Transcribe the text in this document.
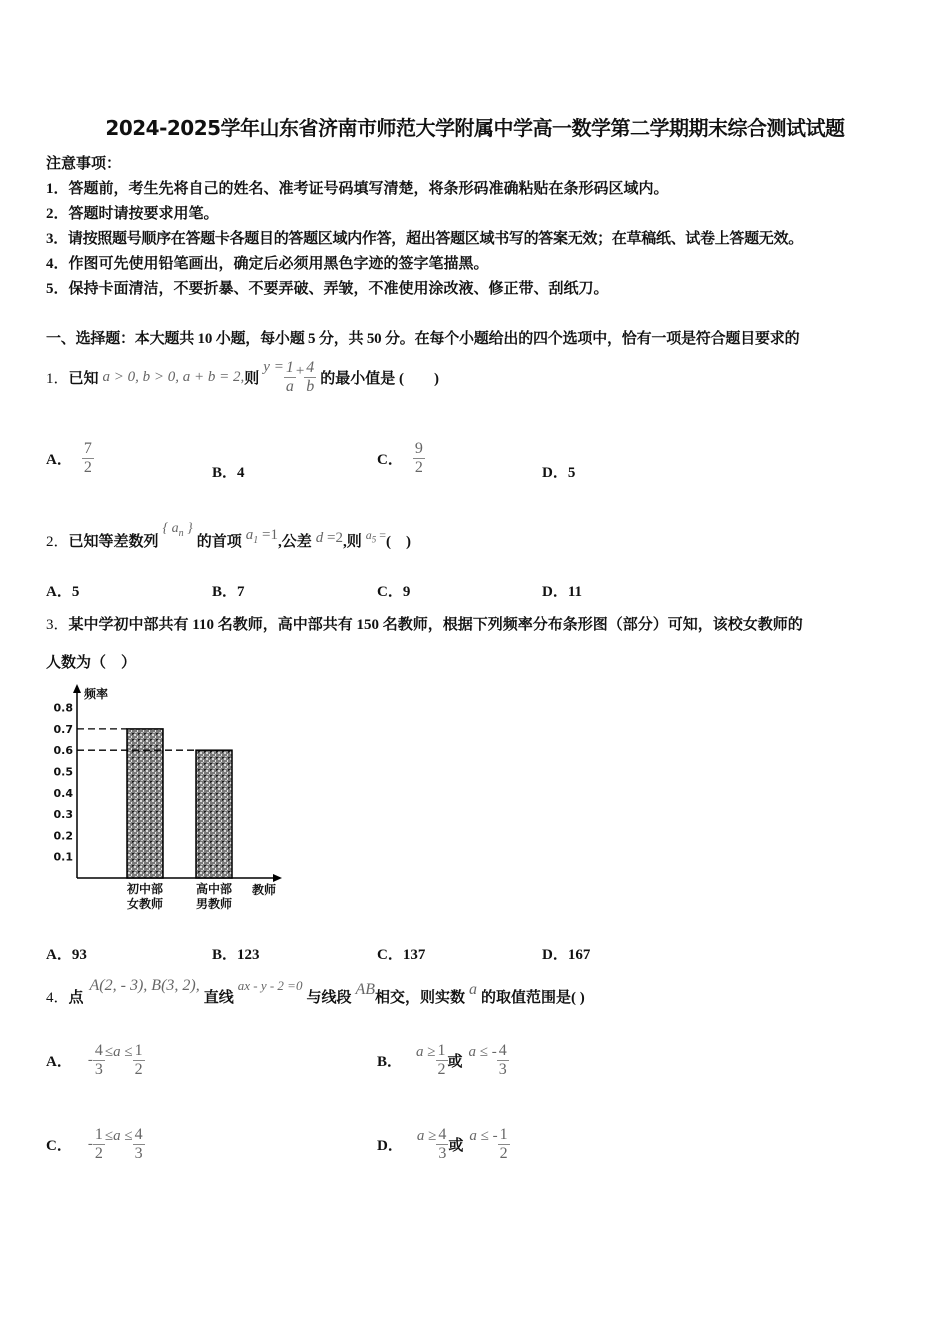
2024-2025学年山东省济南市师范大学附属中学高一数学第二学期期末综合测试试题
注意事项：
1．答题前，考生先将自己的姓名、准考证号码填写清楚，将条形码准确粘贴在条形码区域内。
2．答题时请按要求用笔。
3．请按照题号顺序在答题卡各题目的答题区域内作答，超出答题区域书写的答案无效；在草稿纸、试卷上答题无效。
4．作图可先使用铅笔画出，确定后必须用黑色字迹的签字笔描黑。
5．保持卡面清洁，不要折暴、不要弄破、弄皱，不准使用涂改液、修正带、刮纸刀。
一、选择题：本大题共 10 小题，每小题 5 分，共 50 分。在每个小题给出的四个选项中，恰有一项是符合题目要求的
1． 已知 a > 0, b > 0, a + b = 2, 则
$y = \frac{1}{a} + \frac{4}{b}$ 的最小值是 (　　)
A． $\frac{7}{2}$	B．4
C． $\frac{9}{2}$	D．5
2． 已知等差数列
{ $a_n$ }
的首项 $a_1 =1$ ,公差 d =2 ,则 $a_5$ = (　)
A．5	B．7	C．9	D．11
3．某中学初中部共有 110 名教师，高中部共有 150 名教师，根据下列频率分布条形图（部分）可知，该校女教师的
人数为（　）
0.1
0.2
0.3
0.4
0.5
0.6
0.7
0.8
频率
教师
初中部
女教师
高中部
男教师
A．93	B．123	C．137	D．167
4． 点
A(2, - 3), B(3, 2),
直线
ax - y - 2 =0
与线段 AB 相交，则实数 a 的取值范围是( )
A． - $\frac{4}{3} \le a \le \frac{1}{2}$	B．
$a \ge \frac{1}{2}$ 或
a ≤ - $\frac{4}{3}$
C． - $\frac{1}{2} \le a \le \frac{4}{3}$	D．
$a \ge \frac{4}{3}$ 或
a ≤ - $\frac{1}{2}$
